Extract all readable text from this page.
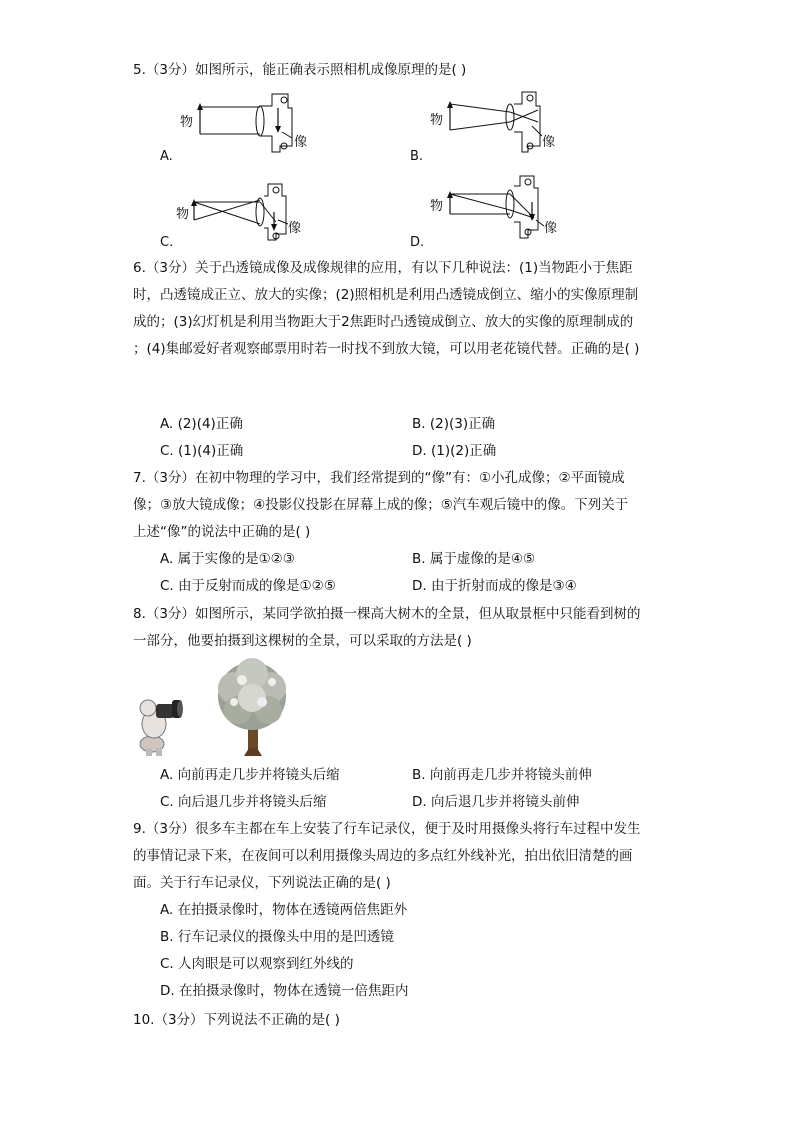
5.（3分）如图所示，能正确表示照相机成像原理的是( )
物
像
A.
物
像
B.
物
像
C.
物
像
D.
6.（3分）关于凸透镜成像及成像规律的应用，有以下几种说法：(1)当物距小于焦距
时，凸透镜成正立、放大的实像；(2)照相机是利用凸透镜成倒立、缩小的实像原理制
成的；(3)幻灯机是利用当物距大于2焦距时凸透镜成倒立、放大的实像的原理制成的
；(4)集邮爱好者观察邮票用时若一时找不到放大镜，可以用老花镜代替。正确的是( )
A. (2)(4)正确	B. (2)(3)正确
C. (1)(4)正确	D. (1)(2)正确
7.（3分）在初中物理的学习中，我们经常提到的“像”有：①小孔成像；②平面镜成
像；③放大镜成像；④投影仪投影在屏幕上成的像；⑤汽车观后镜中的像。下列关于
上述“像”的说法中正确的是( )
A. 属于实像的是①②③	B. 属于虚像的是④⑤
C. 由于反射而成的像是①②⑤	D. 由于折射而成的像是③④
8.（3分）如图所示，某同学欲拍摄一棵高大树木的全景，但从取景框中只能看到树的
一部分，他要拍摄到这棵树的全景，可以采取的方法是( )
A. 向前再走几步并将镜头后缩	B. 向前再走几步并将镜头前伸
C. 向后退几步并将镜头后缩	D. 向后退几步并将镜头前伸
9.（3分）很多车主都在车上安装了行车记录仪，便于及时用摄像头将行车过程中发生
的事情记录下来，在夜间可以利用摄像头周边的多点红外线补光，拍出依旧清楚的画
面。关于行车记录仪，下列说法正确的是( )
A. 在拍摄录像时，物体在透镜两倍焦距外
B. 行车记录仪的摄像头中用的是凹透镜
C. 人肉眼是可以观察到红外线的
D. 在拍摄录像时，物体在透镜一倍焦距内
10.（3分）下列说法不正确的是( )
